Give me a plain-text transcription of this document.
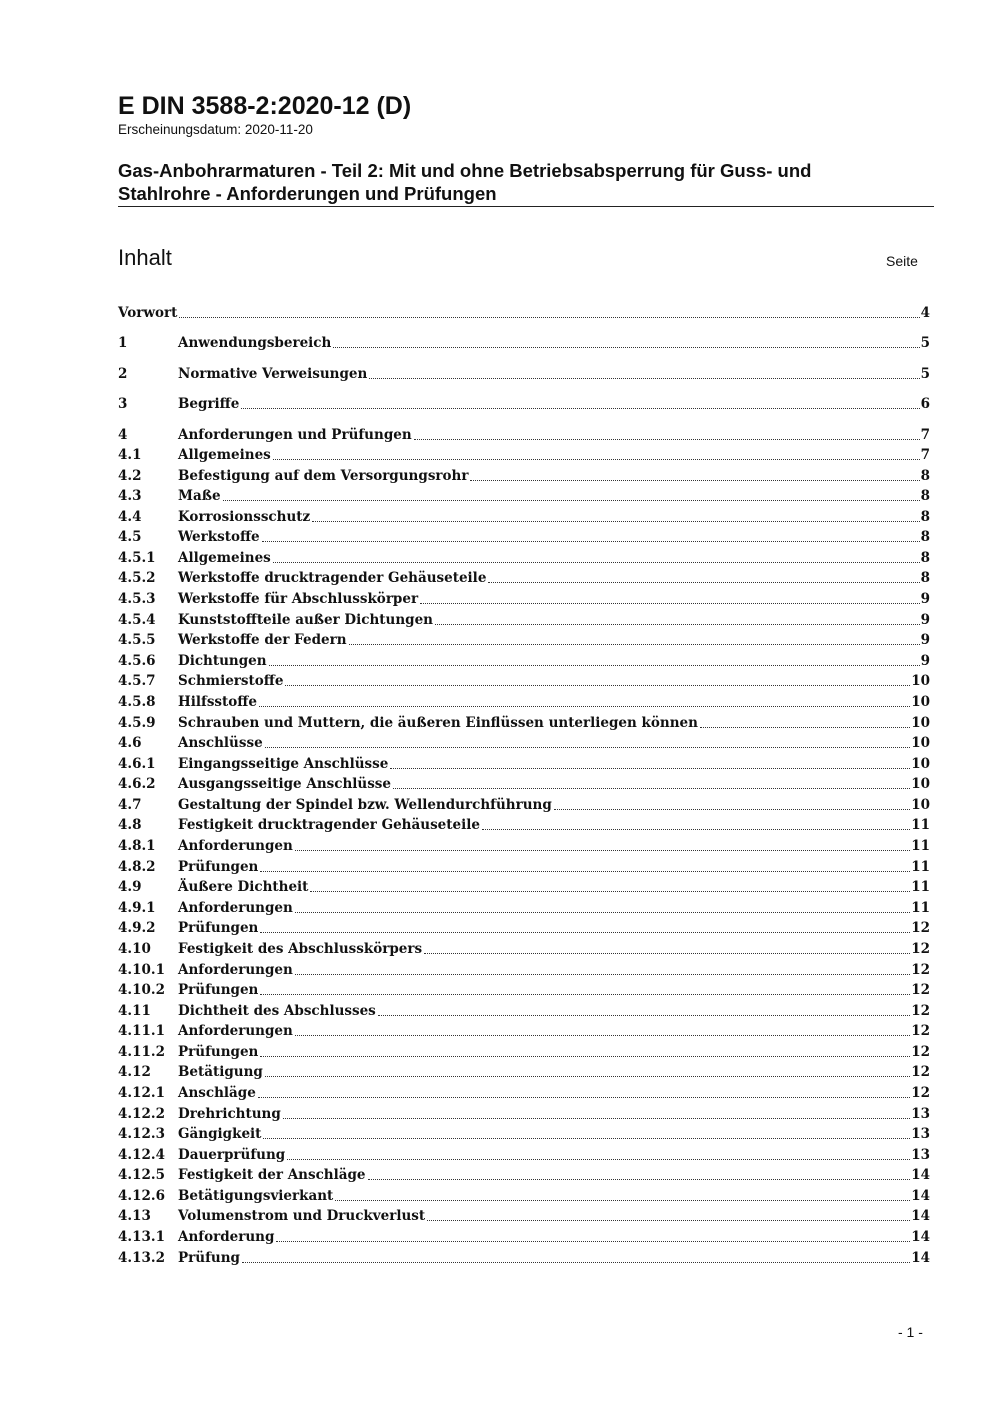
E DIN 3588-2:2020-12 (D)
Erscheinungsdatum: 2020-11-20
Gas-Anbohrarmaturen - Teil 2: Mit und ohne Betriebsabsperrung für Guss- und
Stahlrohre - Anforderungen und Prüfungen
Inhalt	Seite
Vorwort	4
1	Anwendungsbereich	5
2	Normative Verweisungen	5
3	Begriffe	6
4	Anforderungen und Prüfungen	7
4.1	Allgemeines	7
4.2	Befestigung auf dem Versorgungsrohr	8
4.3	Maße	8
4.4	Korrosionsschutz	8
4.5	Werkstoffe	8
4.5.1	Allgemeines	8
4.5.2	Werkstoffe drucktragender Gehäuseteile	8
4.5.3	Werkstoffe für Abschlusskörper	9
4.5.4	Kunststoffteile außer Dichtungen	9
4.5.5	Werkstoffe der Federn	9
4.5.6	Dichtungen	9
4.5.7	Schmierstoffe	10
4.5.8	Hilfsstoffe	10
4.5.9	Schrauben und Muttern, die äußeren Einflüssen unterliegen können	10
4.6	Anschlüsse	10
4.6.1	Eingangsseitige Anschlüsse	10
4.6.2	Ausgangsseitige Anschlüsse	10
4.7	Gestaltung der Spindel bzw. Wellendurchführung	10
4.8	Festigkeit drucktragender Gehäuseteile	11
4.8.1	Anforderungen	11
4.8.2	Prüfungen	11
4.9	Äußere Dichtheit	11
4.9.1	Anforderungen	11
4.9.2	Prüfungen	12
4.10	Festigkeit des Abschlusskörpers	12
4.10.1 Anforderungen	12
4.10.2 Prüfungen	12
4.11	Dichtheit des Abschlusses	12
4.11.1 Anforderungen	12
4.11.2 Prüfungen	12
4.12	Betätigung	12
4.12.1 Anschläge	12
4.12.2 Drehrichtung	13
4.12.3 Gängigkeit	13
4.12.4 Dauerprüfung	13
4.12.5 Festigkeit der Anschläge	14
4.12.6 Betätigungsvierkant	14
4.13	Volumenstrom und Druckverlust	14
4.13.1 Anforderung	14
4.13.2 Prüfung	14
- 1 -
